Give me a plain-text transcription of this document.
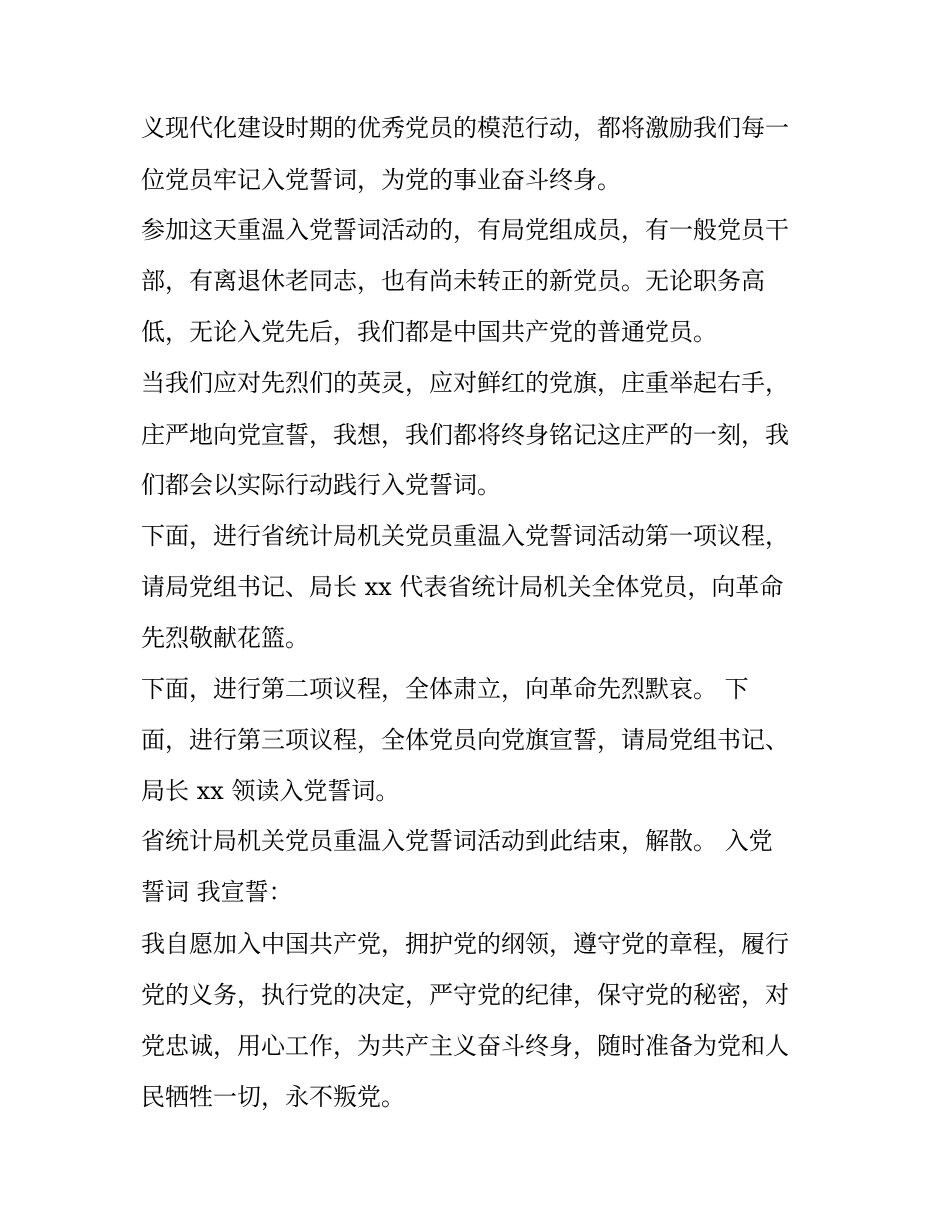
义现代化建设时期的优秀党员的模范行动，都将激励我们每一

位党员牢记入党誓词，为党的事业奋斗终身。

参加这天重温入党誓词活动的，有局党组成员，有一般党员干

部，有离退休老同志，也有尚未转正的新党员。无论职务高

低，无论入党先后，我们都是中国共产党的普通党员。

当我们应对先烈们的英灵，应对鲜红的党旗，庄重举起右手，

庄严地向党宣誓，我想，我们都将终身铭记这庄严的一刻，我

们都会以实际行动践行入党誓词。

下面，进行省统计局机关党员重温入党誓词活动第一项议程，

请局党组书记、局长 xx 代表省统计局机关全体党员，向革命

先烈敬献花篮。

下面，进行第二项议程，全体肃立，向革命先烈默哀。 下

面，进行第三项议程，全体党员向党旗宣誓，请局党组书记、

局长 xx 领读入党誓词。

省统计局机关党员重温入党誓词活动到此结束，解散。 入党

誓词 我宣誓：

我自愿加入中国共产党，拥护党的纲领，遵守党的章程，履行

党的义务，执行党的决定，严守党的纪律，保守党的秘密，对

党忠诚，用心工作，为共产主义奋斗终身，随时准备为党和人

民牺牲一切，永不叛党。
